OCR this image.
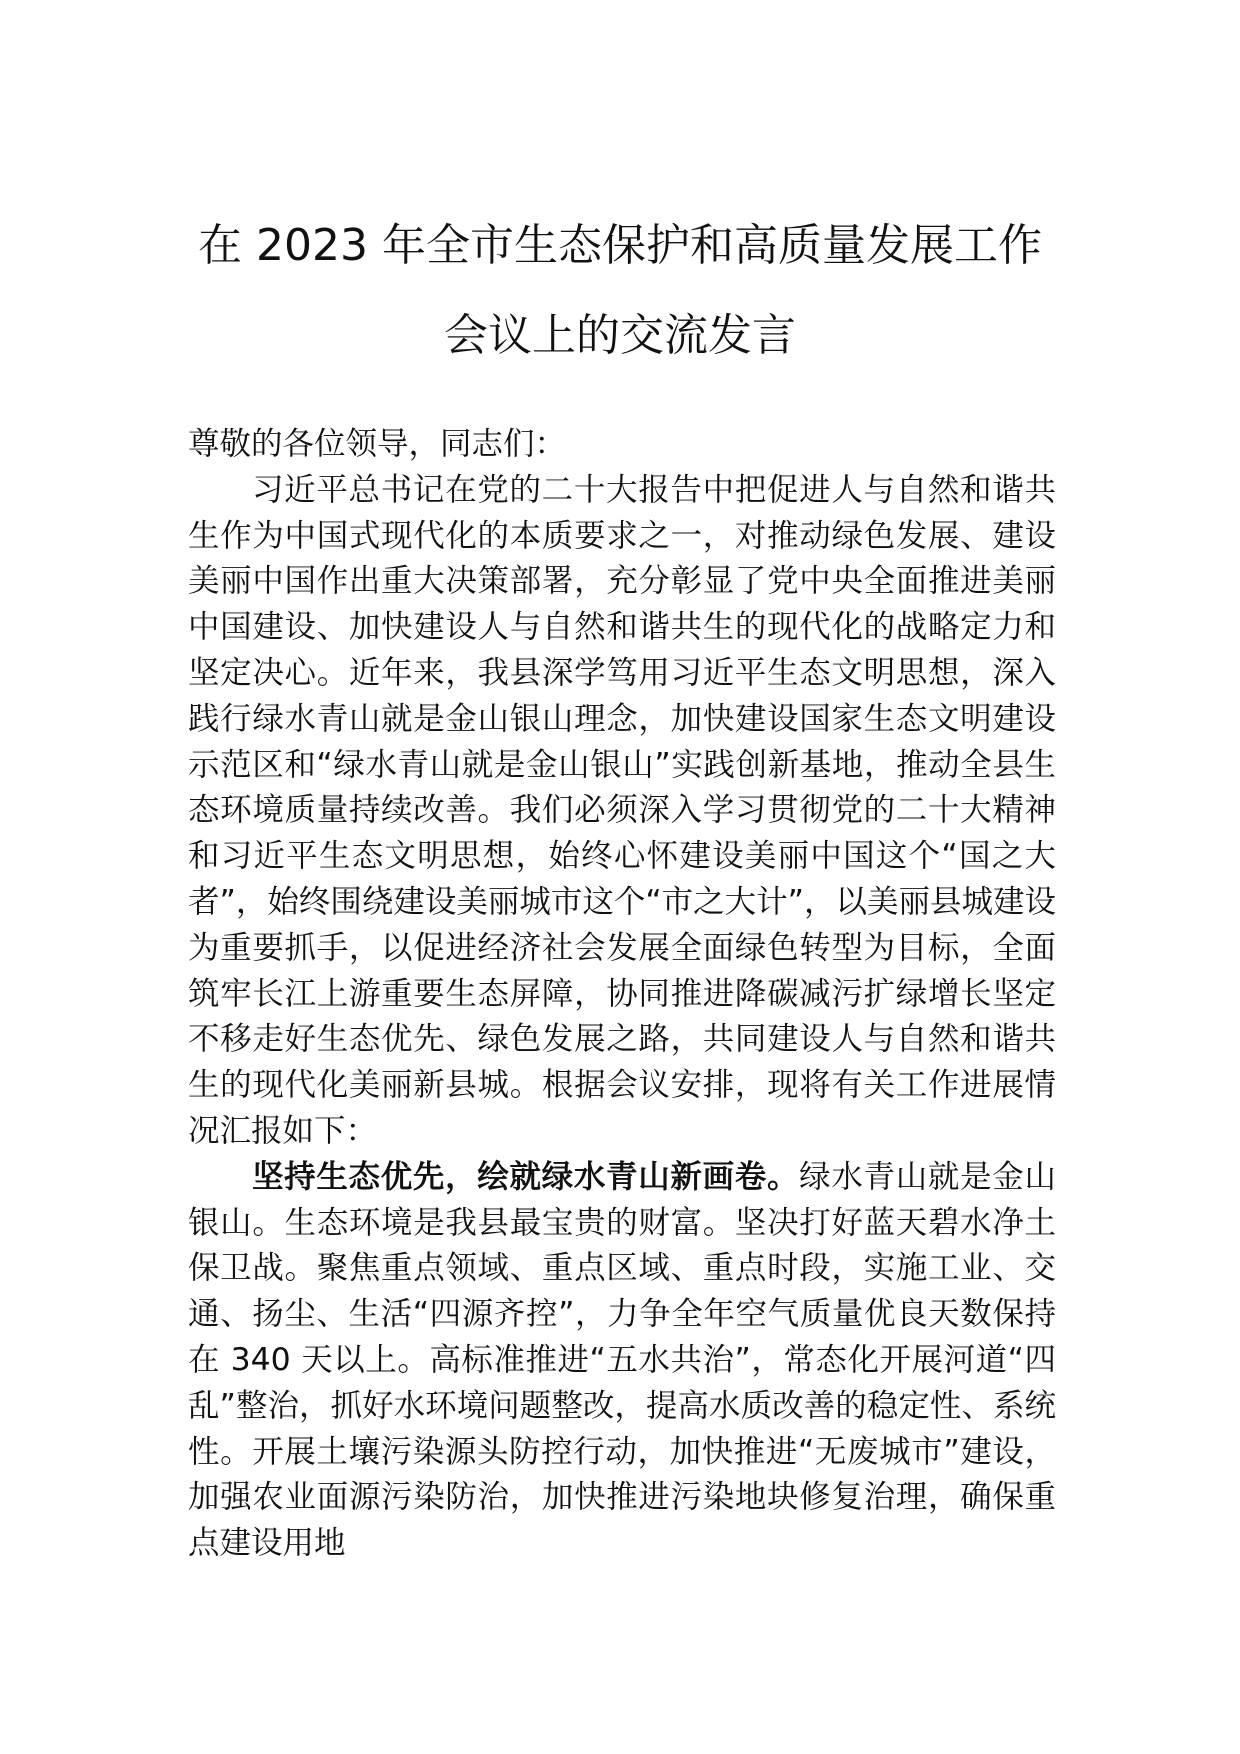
在 2023 年全市生态保护和高质量发展工作
会议上的交流发言

尊敬的各位领导，同志们：

习近平总书记在党的二十大报告中把促进人与自然和谐共生作为中国式现代化的本质要求之一，对推动绿色发展、建设美丽中国作出重大决策部署，充分彰显了党中央全面推进美丽中国建设、加快建设人与自然和谐共生的现代化的战略定力和坚定决心。近年来，我县深学笃用习近平生态文明思想，深入践行绿水青山就是金山银山理念，加快建设国家生态文明建设示范区和“绿水青山就是金山银山”实践创新基地，推动全县生态环境质量持续改善。我们必须深入学习贯彻党的二十大精神和习近平生态文明思想，始终心怀建设美丽中国这个“国之大者”，始终围绕建设美丽城市这个“市之大计”，以美丽县城建设为重要抓手，以促进经济社会发展全面绿色转型为目标，全面筑牢长江上游重要生态屏障，协同推进降碳减污扩绿增长坚定不移走好生态优先、绿色发展之路，共同建设人与自然和谐共生的现代化美丽新县城。根据会议安排，现将有关工作进展情况汇报如下：

坚持生态优先，绘就绿水青山新画卷。绿水青山就是金山银山。生态环境是我县最宝贵的财富。坚决打好蓝天碧水净土保卫战。聚焦重点领域、重点区域、重点时段，实施工业、交通、扬尘、生活“四源齐控”，力争全年空气质量优良天数保持在 340 天以上。高标准推进“五水共治”，常态化开展河道“四乱”整治，抓好水环境问题整改，提高水质改善的稳定性、系统性。开展土壤污染源头防控行动，加快推进“无废城市”建设，加强农业面源污染防治，加快推进污染地块修复治理，确保重点建设用地
